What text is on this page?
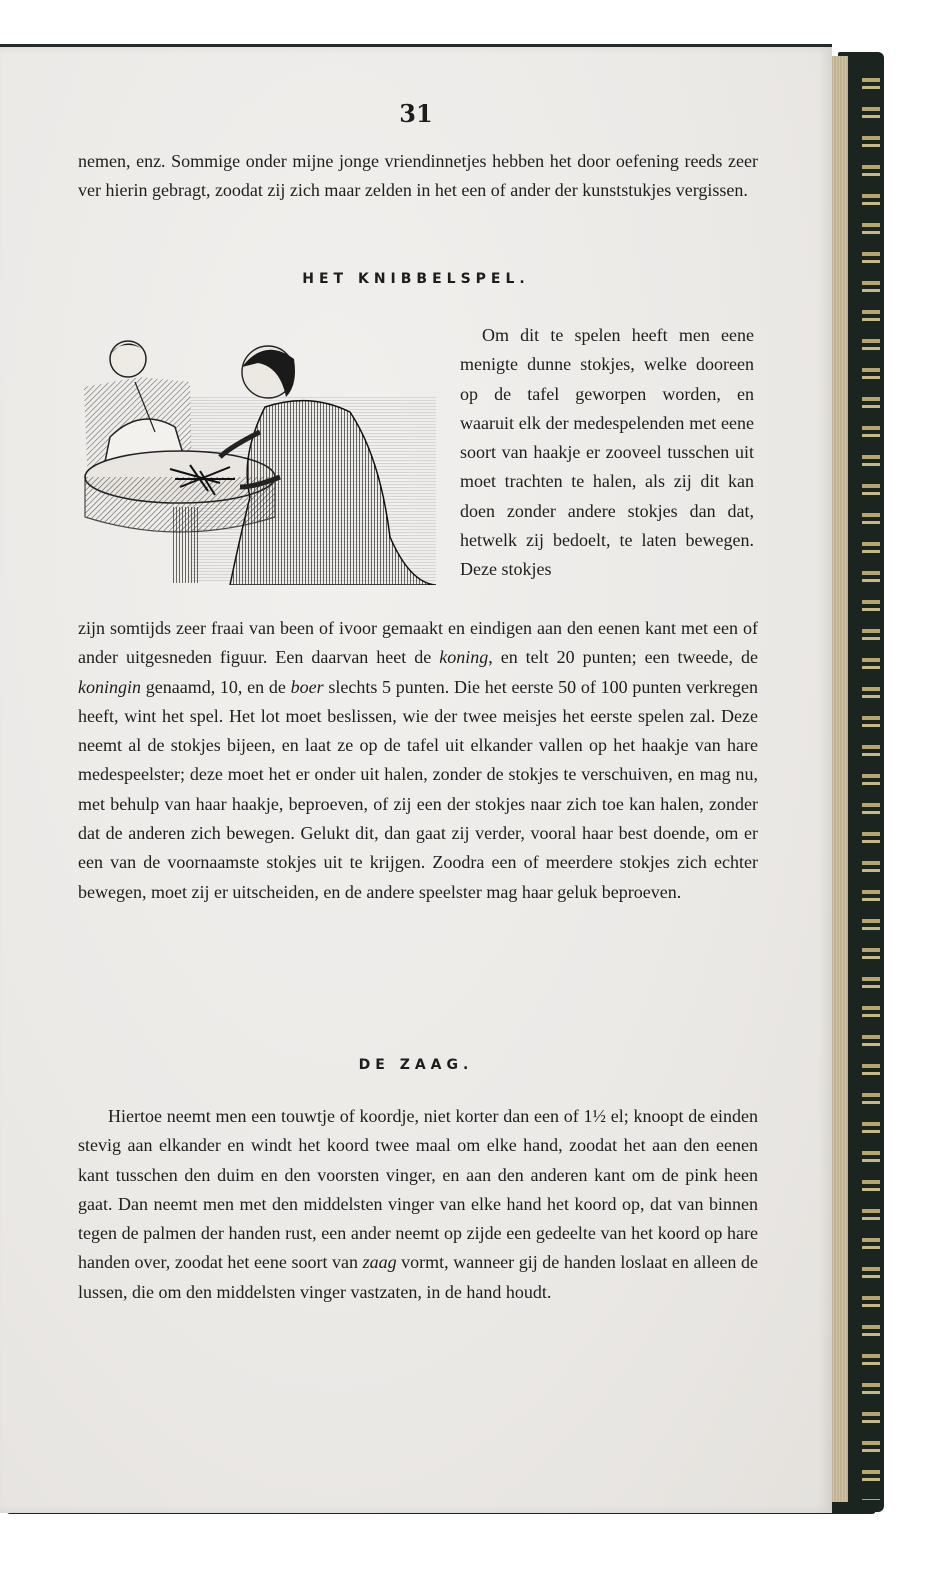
31

nemen, enz. Sommige onder mijne jonge vriendinnetjes hebben het door oefening reeds zeer ver hierin gebragt, zoodat zij zich maar zelden in het een of ander der kunststukjes vergissen.

HET KNIBBELSPEL.
Om dit te spelen heeft men eene menigte dunne stokjes, welke dooreen op de tafel geworpen worden, en waaruit elk der medespelenden met eene soort van haakje er zooveel tusschen uit moet trachten te halen, als zij dit kan doen zonder andere stokjes dan dat, hetwelk zij bedoelt, te laten bewegen. Deze stokjes

zijn somtijds zeer fraai van been of ivoor gemaakt en eindigen aan den eenen kant met een of ander uitgesneden figuur. Een daarvan heet de koning, en telt 20 punten; een tweede, de koningin genaamd, 10, en de boer slechts 5 punten. Die het eerste 50 of 100 punten verkregen heeft, wint het spel. Het lot moet beslissen, wie der twee meisjes het eerste spelen zal. Deze neemt al de stokjes bijeen, en laat ze op de tafel uit elkander vallen op het haakje van hare medespeelster; deze moet het er onder uit halen, zonder de stokjes te verschuiven, en mag nu, met behulp van haar haakje, beproeven, of zij een der stokjes naar zich toe kan halen, zonder dat de anderen zich bewegen. Gelukt dit, dan gaat zij verder, vooral haar best doende, om er een van de voornaamste stokjes uit te krijgen. Zoodra een of meerdere stokjes zich echter bewegen, moet zij er uitscheiden, en de andere speelster mag haar geluk beproeven.

DE ZAAG.

Hiertoe neemt men een touwtje of koordje, niet korter dan een of 1½ el; knoopt de einden stevig aan elkander en windt het koord twee maal om elke hand, zoodat het aan den eenen kant tusschen den duim en den voorsten vinger, en aan den anderen kant om de pink heen gaat. Dan neemt men met den middelsten vinger van elke hand het koord op, dat van binnen tegen de palmen der handen rust, een ander neemt op zijde een gedeelte van het koord op hare handen over, zoodat het eene soort van zaag vormt, wanneer gij de handen loslaat en alleen de lussen, die om den middelsten vinger vastzaten, in de hand houdt.
